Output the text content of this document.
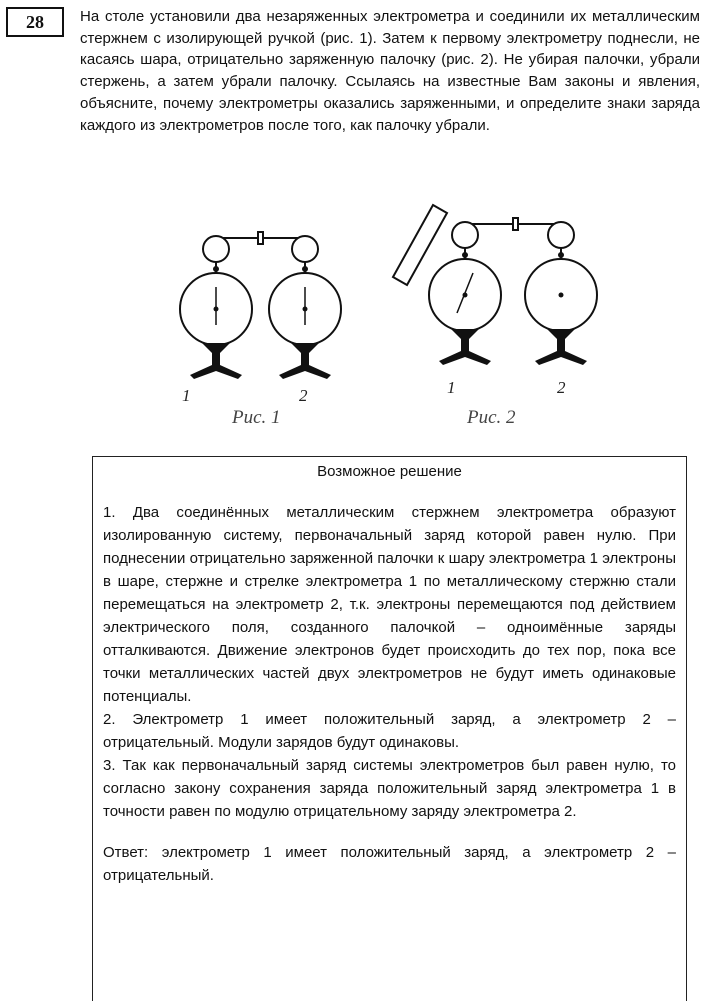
28	На столе установили два незаряженных электрометра и соединили их металлическим стержнем с изолирующей ручкой (рис. 1). Затем к первому электрометру поднесли, не касаясь шара, отрицательно заряженную палочку (рис. 2). Не убирая палочки, убрали стержень, а затем убрали палочку. Ссылаясь на известные Вам законы и явления, объясните, почему электрометры оказались заряженными, и определите знаки заряда каждого из электрометров после того, как палочку убрали.

1	2
Рис. 1
1	2
Рис. 2
Возможное решение

1. Два соединённых металлическим стержнем электрометра образуют изолированную систему, первоначальный заряд которой равен нулю. При поднесении отрицательно заряженной палочки к шару электрометра 1 электроны в шаре, стержне и стрелке электрометра 1 по металлическому стержню стали перемещаться на электрометр 2, т.к. электроны перемещаются под действием электрического поля, созданного палочкой – одноимённые заряды отталкиваются. Движение электронов будет происходить до тех пор, пока все точки металлических частей двух электрометров не будут иметь одинаковые потенциалы.

2. Электрометр 1 имеет положительный заряд, а электрометр 2 – отрицательный. Модули зарядов будут одинаковы.

3. Так как первоначальный заряд системы электрометров был равен нулю, то согласно закону сохранения заряда положительный заряд электрометра 1 в точности равен по модулю отрицательному заряду электрометра 2.

Ответ: электрометр 1 имеет положительный заряд, а электрометр 2 – отрицательный.
